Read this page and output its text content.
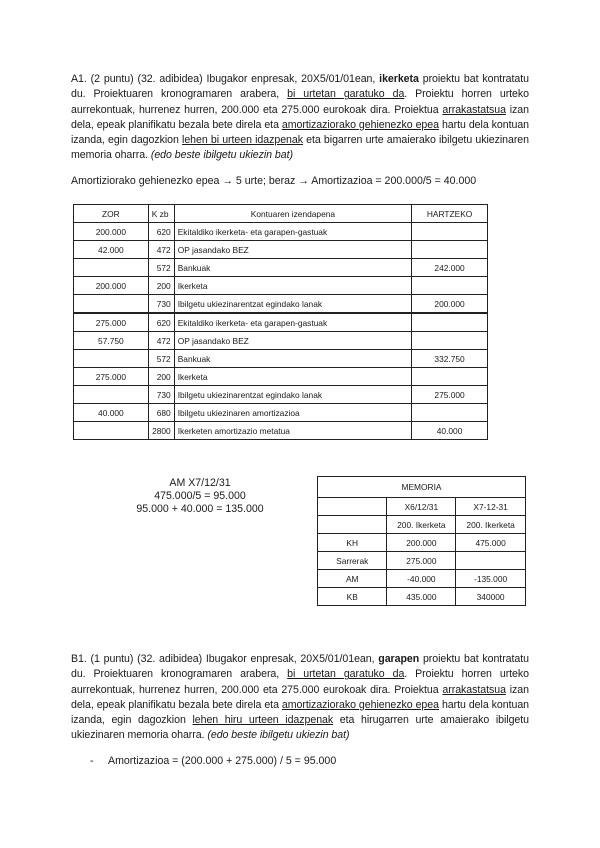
A1. (2 puntu) (32. adibidea) Ibugakor enpresak, 20X5/01/01ean, ikerketa proiektu bat kontratatu du. Proiektuaren kronogramaren arabera, bi urtetan garatuko da. Proiektu horren urteko aurrekontuak, hurrenez hurren, 200.000 eta 275.000 eurokoak dira. Proiektua arrakastatsua izan dela, epeak planifikatu bezala bete direla eta amortizaziorako gehienezko epea hartu dela kontuan izanda, egin dagozkion lehen bi urteen idazpenak eta bigarren urte amaierako ibilgetu ukiezinaren memoria oharra. (edo beste ibilgetu ukiezin bat)
Amortiziorako gehienezko epea → 5 urte; beraz → Amortizazioa = 200.000/5 = 40.000
ZOR	K zb	Kontuaren izendapena	HARTZEKO
200.000	620	Ekitaldiko ikerketa- eta garapen-gastuak	
42.000	472	OP jasandako BEZ	
	572	Bankuak	242.000
200.000	200	Ikerketa	
	730	Ibilgetu ukiezinarentzat egindako lanak	200.000
275.000	620	Ekitaldiko ikerketa- eta garapen-gastuak	
57.750	472	OP jasandako BEZ	
	572	Bankuak	332.750
275.000	200	Ikerketa	
	730	Ibilgetu ukiezinarentzat egindako lanak	275.000
40.000	680	Ibilgetu ukiezinaren amortizazioa	
	2800	Ikerketen amortizazio metatua	40.000
AM X7/12/31
475.000/5 = 95.000
95.000 + 40.000 = 135.000
MEMORIA		
	X6/12/31	X7-12-31
	200. Ikerketa	200. Ikerketa
KH	200.000	475.000
Sarrerak	275.000	
AM	-40.000	-135.000
KB	435.000	340000
B1. (1 puntu) (32. adibidea) Ibugakor enpresak, 20X5/01/01ean, garapen proiektu bat kontratatu du. Proiektuaren kronogramaren arabera, bi urtetan garatuko da. Proiektu horren urteko aurrekontuak, hurrenez hurren, 200.000 eta 275.000 eurokoak dira. Proiektua arrakastatsua izan dela, epeak planifikatu bezala bete direla eta amortizaziorako gehienezko epea hartu dela kontuan izanda, egin dagozkion lehen hiru urteen idazpenak eta hirugarren urte amaierako ibilgetu ukiezinaren memoria oharra. (edo beste ibilgetu ukiezin bat)
- Amortizazioa = (200.000 + 275.000) / 5 = 95.000
